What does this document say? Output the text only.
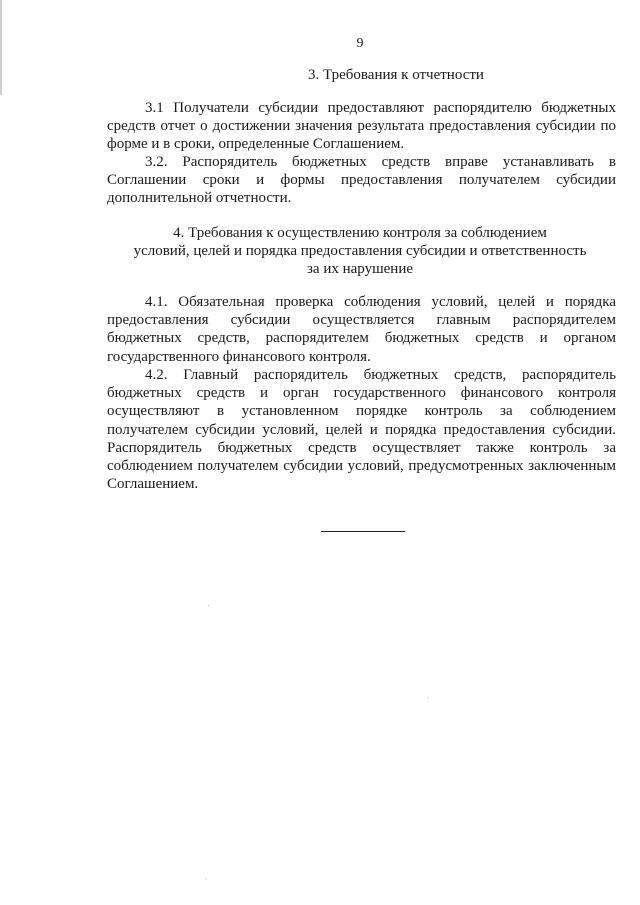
9
3. Требования к отчетности

3.1 Получатели субсидии предоставляют распорядителю бюджетных средств отчет о достижении значения результата предоставления субсидии по форме и в сроки, определенные Соглашением.

3.2. Распорядитель бюджетных средств вправе устанавливать в Соглашении сроки и формы предоставления получателем субсидии дополнительной отчетности.

4. Требования к осуществлению контроля за соблюдением
условий, целей и порядка предоставления субсидии и ответственность
за их нарушение

4.1. Обязательная проверка соблюдения условий, целей и порядка предоставления субсидии осуществляется главным распорядителем бюджетных средств, распорядителем бюджетных средств и органом государственного финансового контроля.

4.2. Главный распорядитель бюджетных средств, распорядитель бюджетных средств и орган государственного финансового контроля осуществляют в установленном порядке контроль за соблюдением получателем субсидии условий, целей и порядка предоставления субсидии. Распорядитель бюджетных средств осуществляет также контроль за соблюдением получателем субсидии условий, предусмотренных заключенным Соглашением.
